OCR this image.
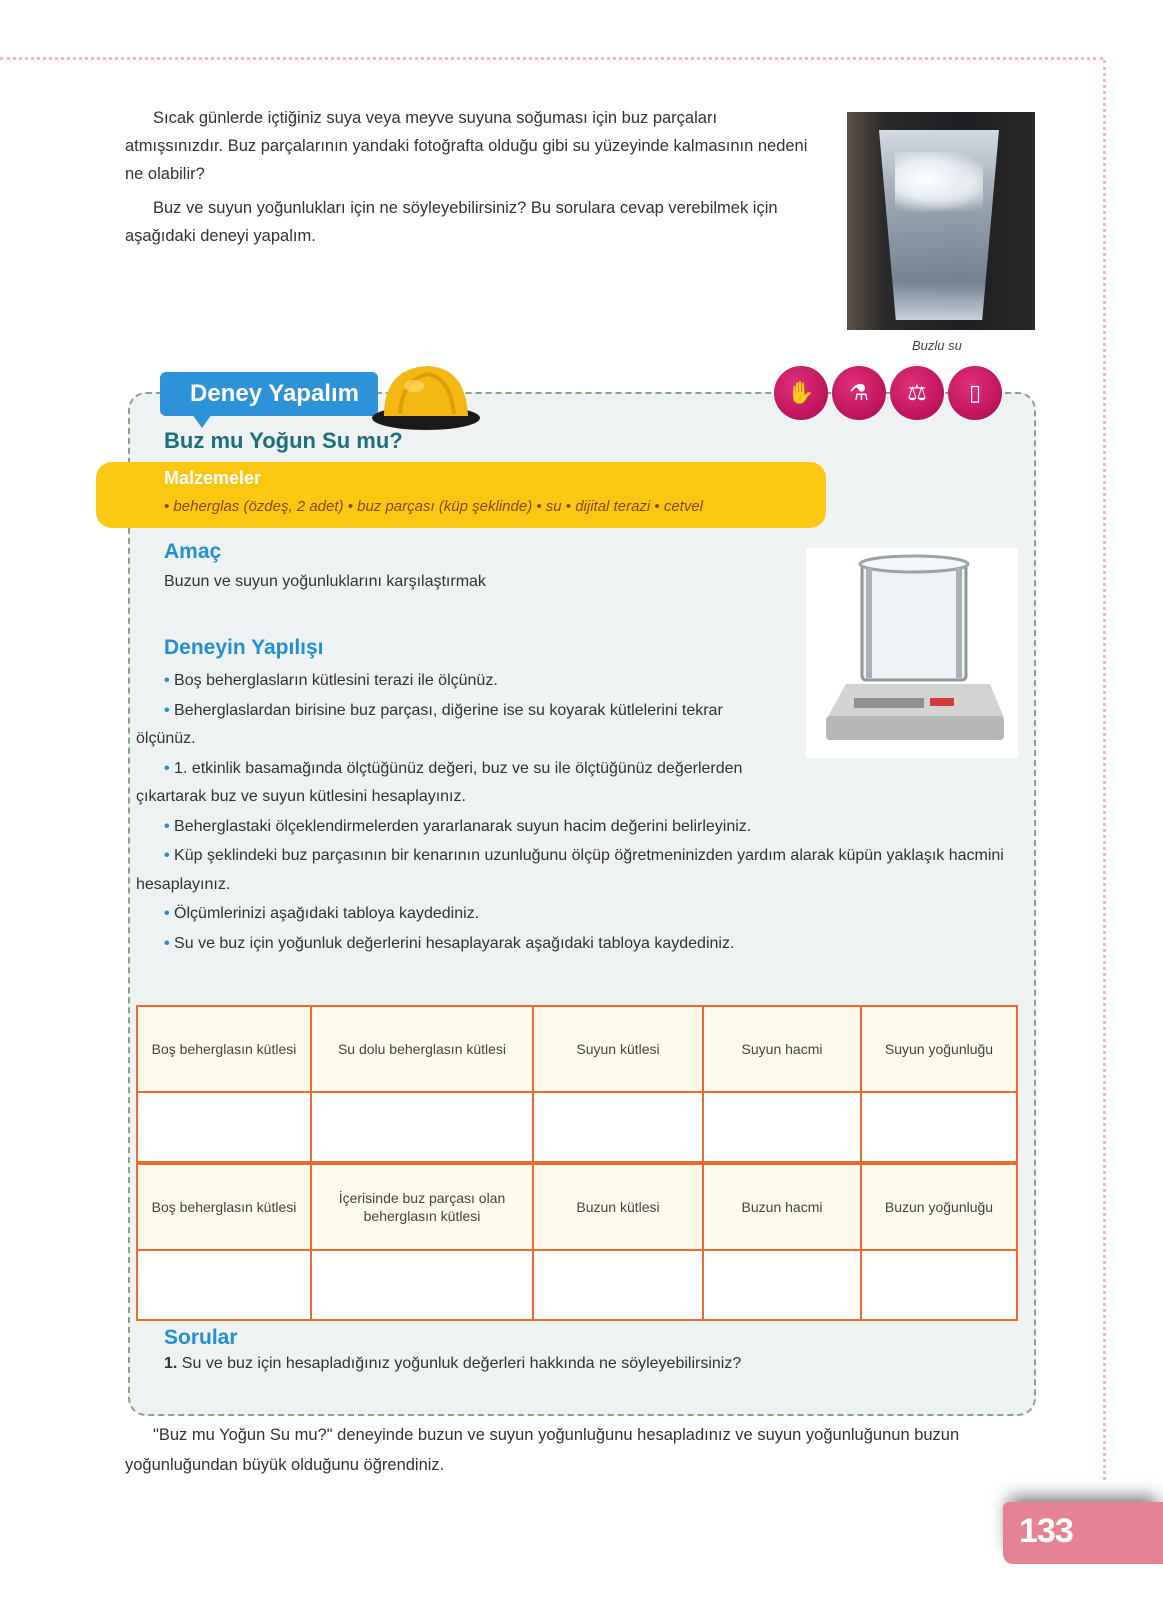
Sıcak günlerde içtiğiniz suya veya meyve suyuna soğuması için buz parçaları atmışsınızdır. Buz parçalarının yandaki fotoğrafta olduğu gibi su yüzeyinde kalmasının nedeni ne olabilir?

Buz ve suyun yoğunlukları için ne söyleyebilirsiniz? Bu sorulara cevap verebilmek için aşağıdaki deneyi yapalım.

Buzlu su
Deney Yapalım	✋	⚗	⚖	▯
Buz mu Yoğun Su mu?
Malzemeler
• beherglas (özdeş, 2 adet) • buz parçası (küp şeklinde) • su • dijital terazi • cetvel
Amaç
Buzun ve suyun yoğunluklarını karşılaştırmak
Deneyin Yapılışı
• Boş beherglasların kütlesini terazi ile ölçünüz.
• Beherglaslardan birisine buz parçası, diğerine ise su koyarak kütlelerini tekrar ölçünüz.
• 1. etkinlik basamağında ölçtüğünüz değeri, buz ve su ile ölçtüğünüz değerlerden çıkartarak buz ve suyun kütlesini hesaplayınız.
• Beherglastaki ölçeklendirmelerden yararlanarak suyun hacim değerini belirleyiniz.
• Küp şeklindeki buz parçasının bir kenarının uzunluğunu ölçüp öğretmeninizden yardım alarak küpün yaklaşık hacmini hesaplayınız.
• Ölçümlerinizi aşağıdaki tabloya kaydediniz.
• Su ve buz için yoğunluk değerlerini hesaplayarak aşağıdaki tabloya kaydediniz.
Boş beherglasın kütlesi	Su dolu beherglasın kütlesi	Suyun kütlesi	Suyun hacmi	Suyun yoğunluğu

Boş beherglasın kütlesi	İçerisinde buz parçası olan beherglasın kütlesi	Buzun kütlesi	Buzun hacmi	Buzun yoğunluğu

Sorular
1. Su ve buz için hesapladığınız yoğunluk değerleri hakkında ne söyleyebilirsiniz?

"Buz mu Yoğun Su mu?" deneyinde buzun ve suyun yoğunluğunu hesapladınız ve suyun yoğunluğunun buzun yoğunluğundan büyük olduğunu öğrendiniz.

133
